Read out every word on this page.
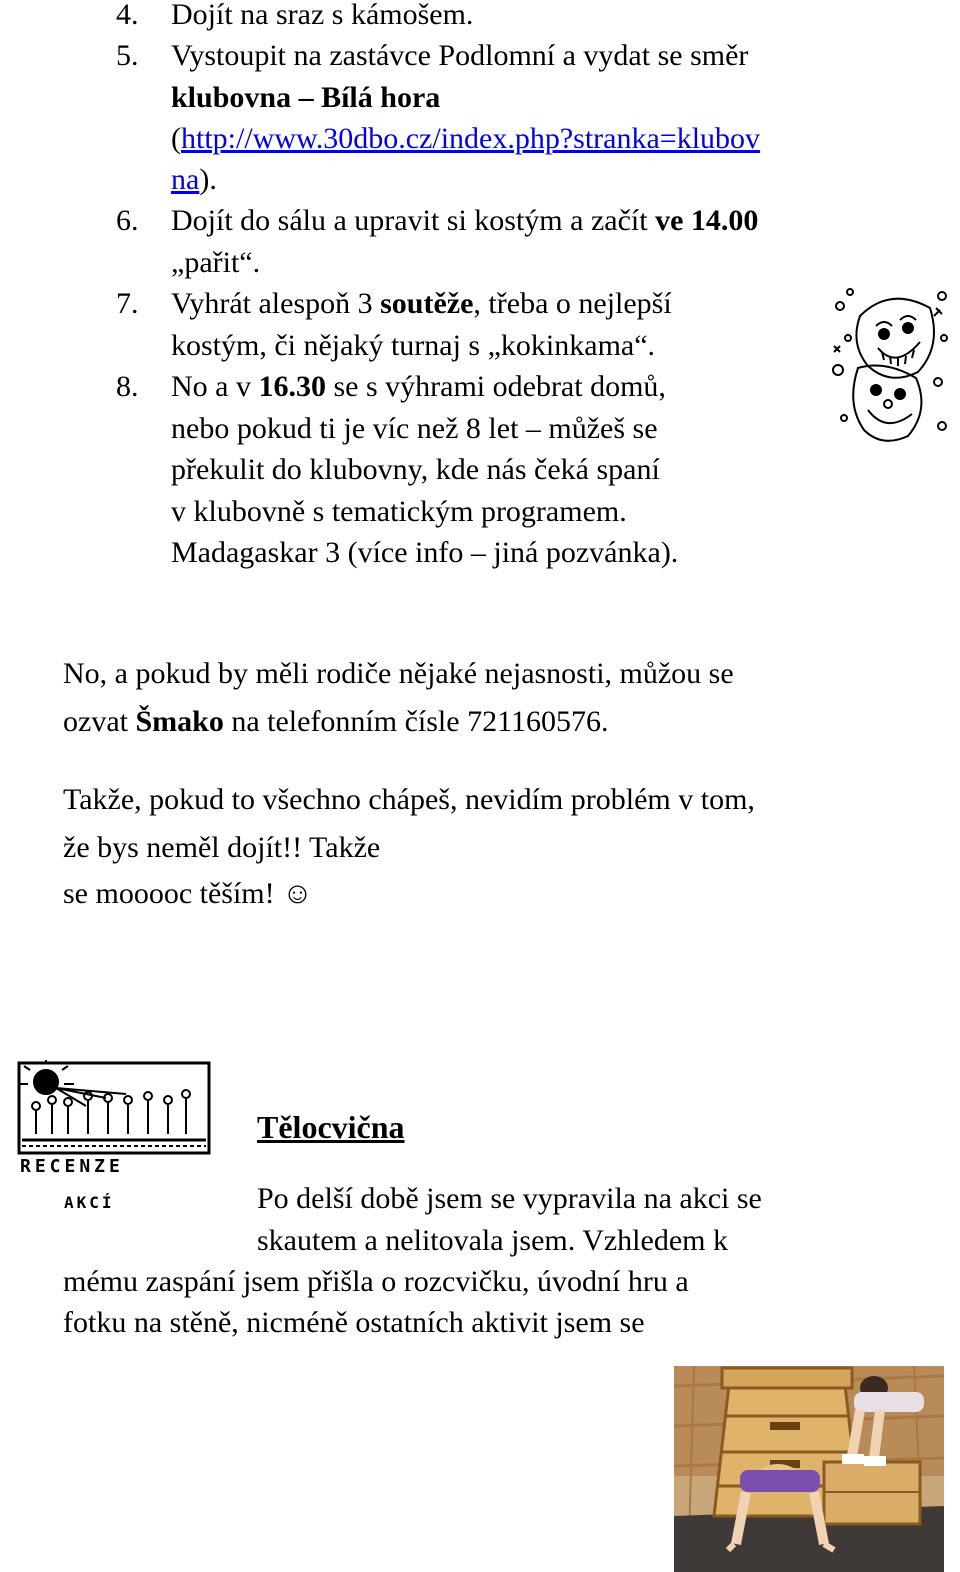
4. Dojít na sraz s kámošem.
5. Vystoupit na zastávce Podlomní a vydat se směr
klubovna – Bílá hora
(http://www.30dbo.cz/index.php?stranka=klubov
na).
6. Dojít do sálu a upravit si kostým a začít ve 14.00
„pařit“.
7. Vyhrát alespoň 3 soutěže, třeba o nejlepší
kostým, či nějaký turnaj s „kokinkama“.
8. No a v 16.30 se s výhrami odebrat domů,
nebo pokud ti je víc než 8 let – můžeš se
překulit do klubovny, kde nás čeká spaní
v klubovně s tematickým programem.
Madagaskar 3 (více info – jiná pozvánka).
No, a pokud by měli rodiče nějaké nejasnosti, můžou se
ozvat Šmako na telefonním čísle 721160576.
Takže, pokud to všechno chápeš, nevidím problém v tom,
že bys neměl dojít!! Takže
se mooooc těším! ☺
RECENZE
AKCÍ
Tělocvična
Po delší době jsem se vypravila na akci se
skautem a nelitovala jsem. Vzhledem k
mému zaspání jsem přišla o rozcvičku, úvodní hru a
fotku na stěně, nicméně ostatních aktivit jsem se
